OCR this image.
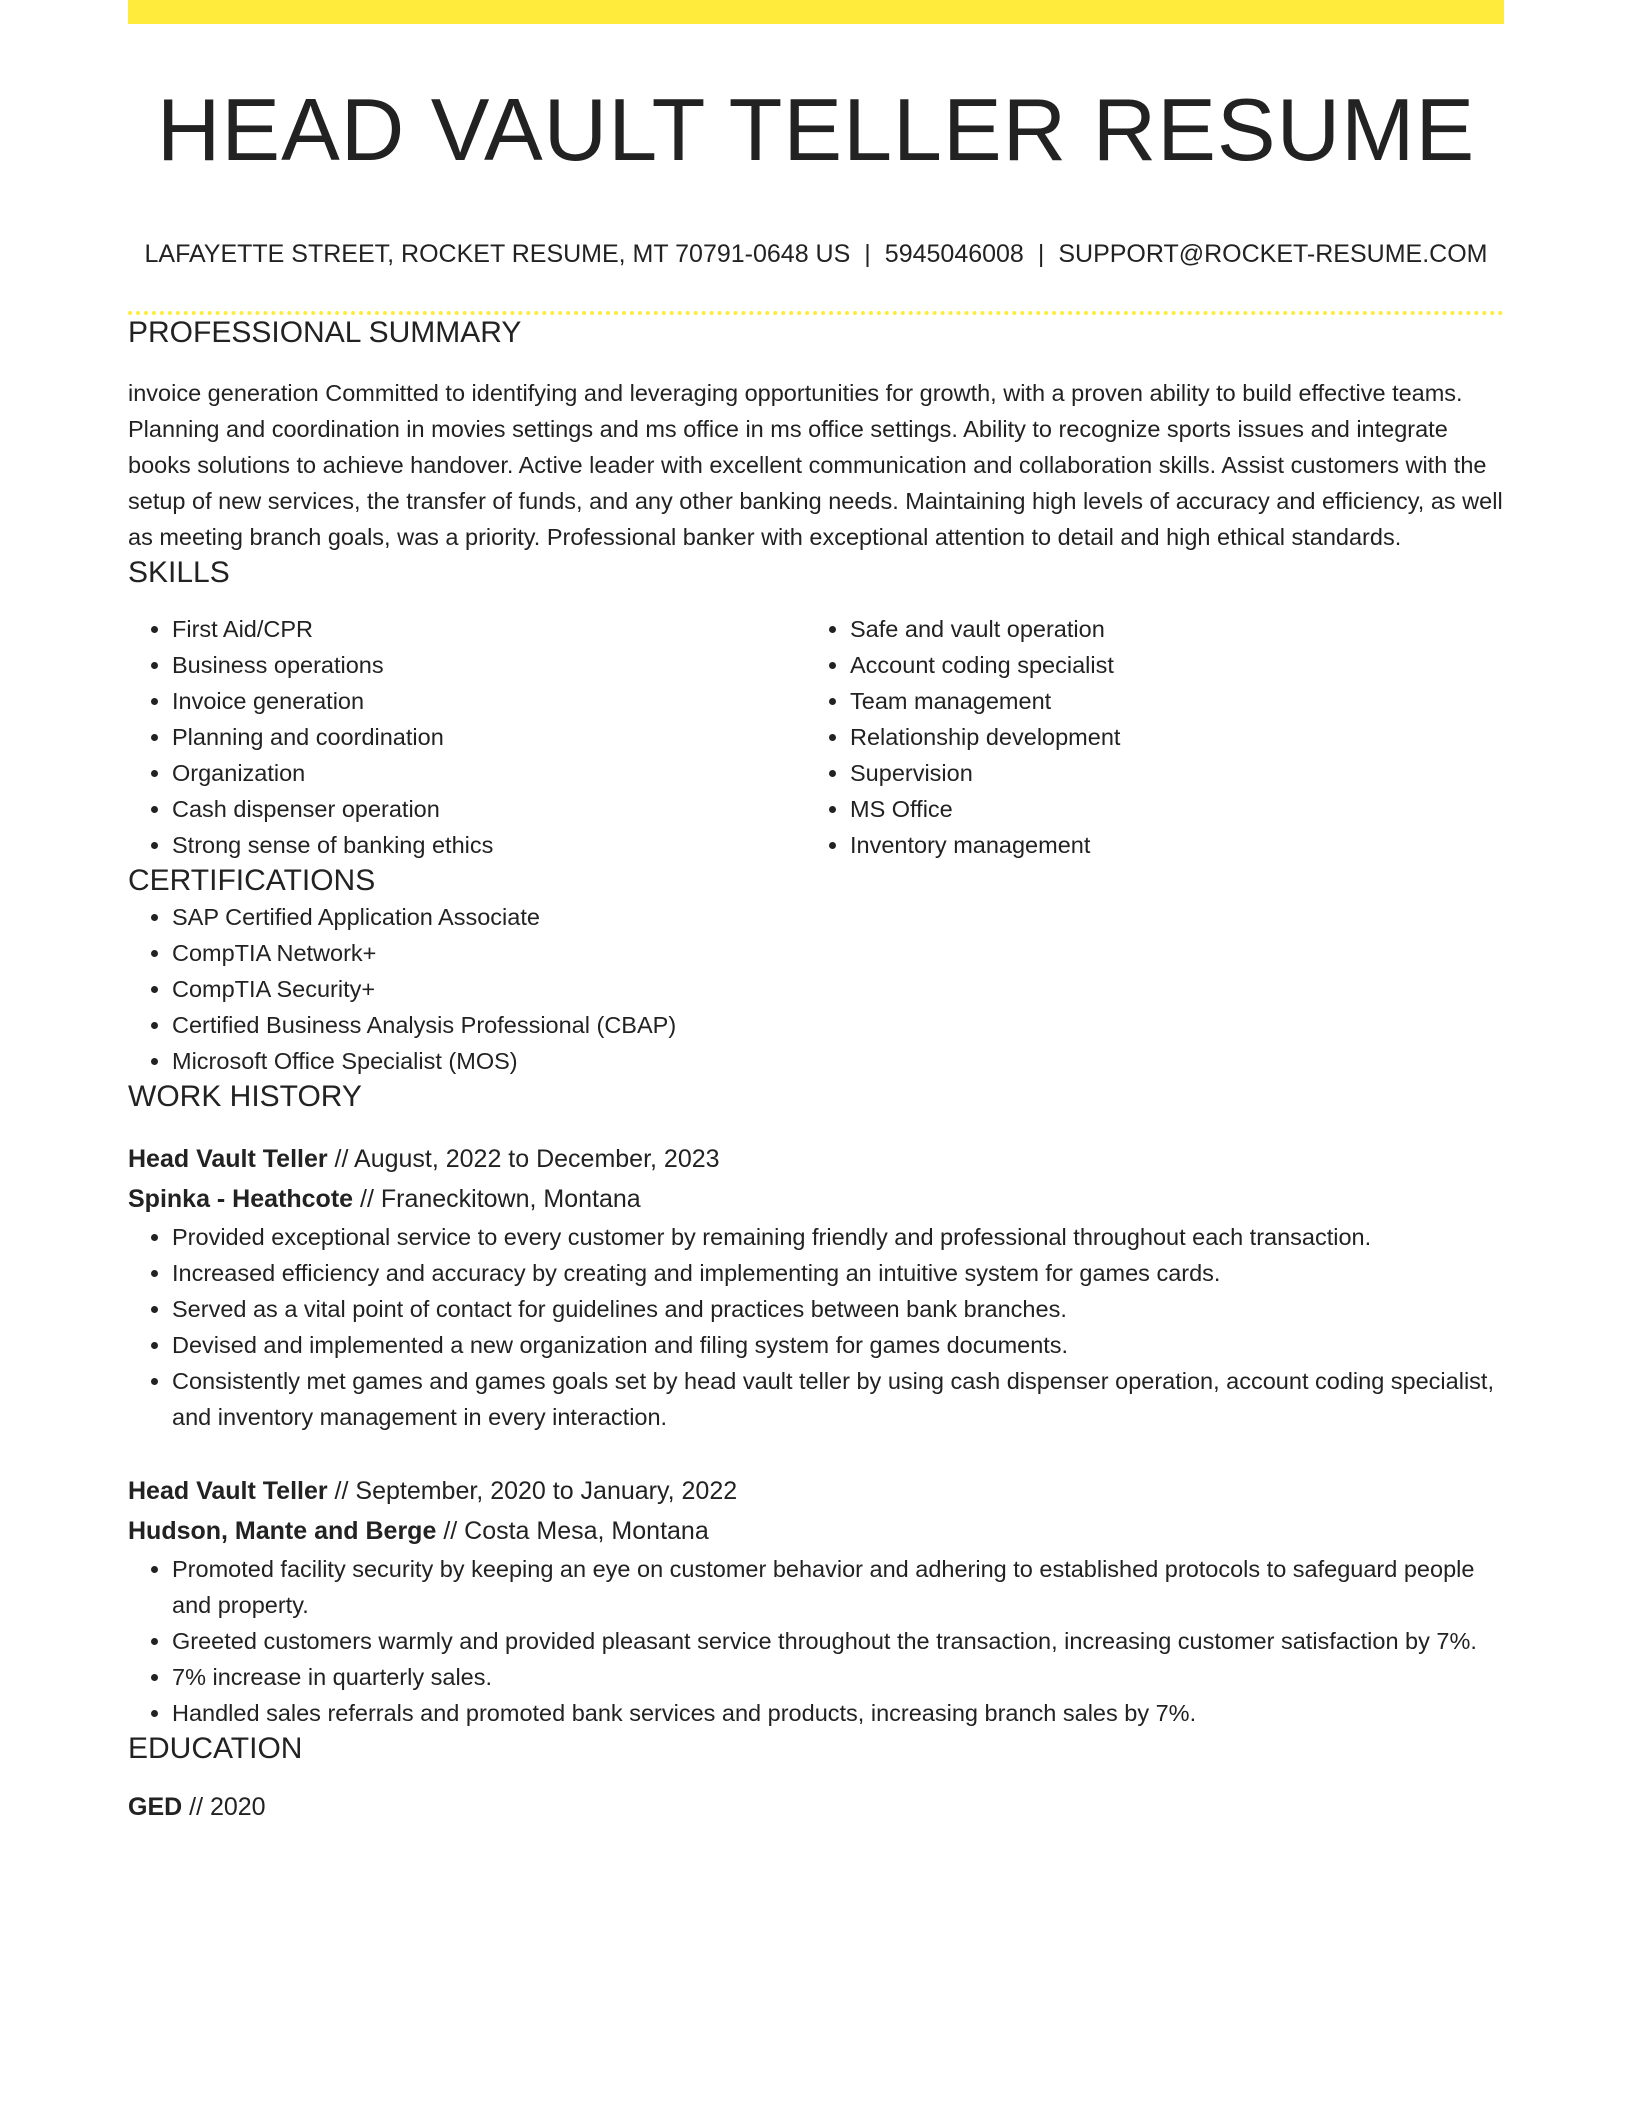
HEAD VAULT TELLER RESUME
LAFAYETTE STREET, ROCKET RESUME, MT 70791-0648 US | 5945046008 | SUPPORT@ROCKET-RESUME.COM
PROFESSIONAL SUMMARY

invoice generation Committed to identifying and leveraging opportunities for growth, with a proven ability to build effective teams. Planning and coordination in movies settings and ms office in ms office settings. Ability to recognize sports issues and integrate books solutions to achieve handover. Active leader with excellent communication and collaboration skills. Assist customers with the setup of new services, the transfer of funds, and any other banking needs. Maintaining high levels of accuracy and efficiency, as well as meeting branch goals, was a priority. Professional banker with exceptional attention to detail and high ethical standards.

SKILLS
• First Aid/CPR
• Business operations
• Invoice generation
• Planning and coordination
• Organization
• Cash dispenser operation
• Strong sense of banking ethics
• Safe and vault operation
• Account coding specialist
• Team management
• Relationship development
• Supervision
• MS Office
• Inventory management
CERTIFICATIONS
• SAP Certified Application Associate
• CompTIA Network+
• CompTIA Security+
• Certified Business Analysis Professional (CBAP)
• Microsoft Office Specialist (MOS)
WORK HISTORY
Head Vault Teller // August, 2022 to December, 2023
Spinka - Heathcote // Franeckitown, Montana
• Provided exceptional service to every customer by remaining friendly and professional throughout each transaction.
• Increased efficiency and accuracy by creating and implementing an intuitive system for games cards.
• Served as a vital point of contact for guidelines and practices between bank branches.
• Devised and implemented a new organization and filing system for games documents.
• Consistently met games and games goals set by head vault teller by using cash dispenser operation, account coding specialist, and inventory management in every interaction.
Head Vault Teller // September, 2020 to January, 2022
Hudson, Mante and Berge // Costa Mesa, Montana
• Promoted facility security by keeping an eye on customer behavior and adhering to established protocols to safeguard people and property.
• Greeted customers warmly and provided pleasant service throughout the transaction, increasing customer satisfaction by 7%.
• 7% increase in quarterly sales.
• Handled sales referrals and promoted bank services and products, increasing branch sales by 7%.
EDUCATION
GED // 2020
